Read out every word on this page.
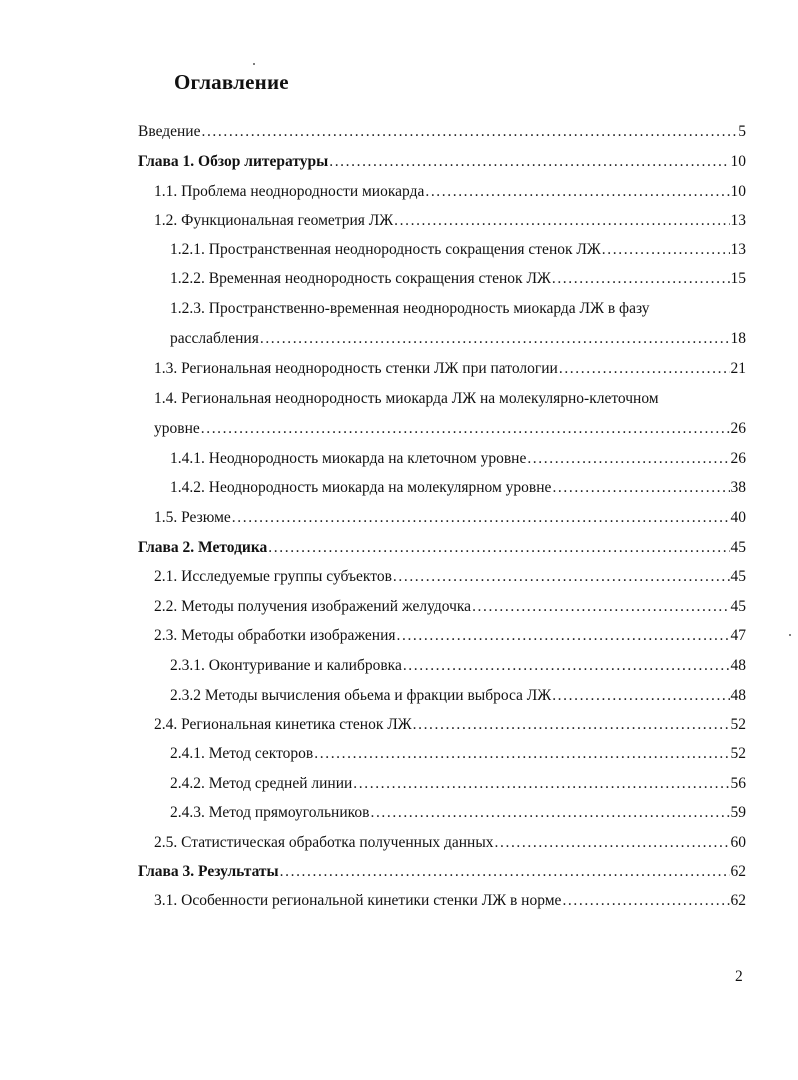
Оглавление
Введение .....	5
Глава 1. Обзор литературы .....	10
1.1. Проблема неоднородности миокарда .....	10
1.2. Функциональная геометрия ЛЖ .....	13
1.2.1. Пространственная неоднородность сокращения стенок ЛЖ .....	13
1.2.2. Временная неоднородность сокращения стенок ЛЖ .....	15
1.2.3. Пространственно-временная неоднородность миокарда ЛЖ в фазу
расслабления .....	18
1.3. Региональная неоднородность стенки ЛЖ при патологии .....	21
1.4. Региональная неоднородность миокарда ЛЖ на молекулярно-клеточном
уровне .....	26
1.4.1. Неоднородность миокарда на клеточном уровне .....	26
1.4.2. Неоднородность миокарда на молекулярном уровне .....	38
1.5. Резюме .....	40
Глава 2. Методика .....	45
2.1. Исследуемые группы субъектов .....	45
2.2. Методы получения изображений желудочка .....	45
2.3. Методы обработки изображения .....	47
2.3.1. Оконтуривание и калибровка .....	48
2.3.2 Методы вычисления обьема и фракции выброса ЛЖ .....	48
2.4. Региональная кинетика стенок ЛЖ .....	52
2.4.1. Метод секторов .....	52
2.4.2. Метод средней линии .....	56
2.4.3. Метод прямоугольников .....	59
2.5. Статистическая обработка полученных данных .....	60
Глава 3. Результаты .....	62
3.1. Особенности региональной кинетики стенки ЛЖ в норме .....	62
2
